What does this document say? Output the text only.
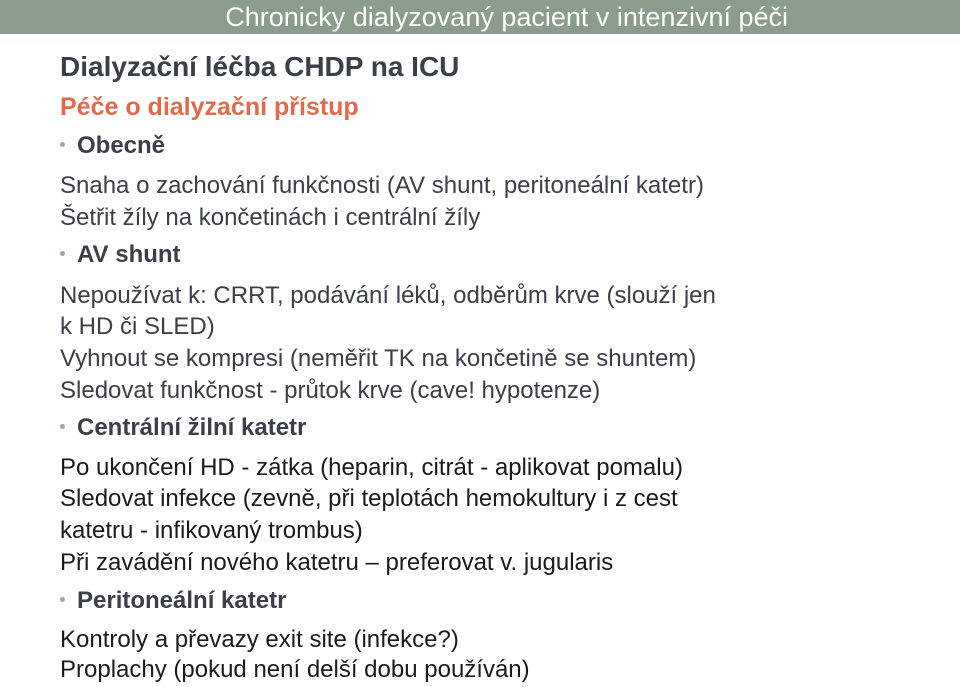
Chronicky dialyzovaný pacient v intenzivní péči
Dialyzační léčba CHDP na ICU
Péče o dialyzační přístup
Obecně
Snaha o zachování funkčnosti (AV shunt, peritoneální katetr)
Šetřit žíly na končetinách i centrální žíly
AV shunt
Nepoužívat k: CRRT, podávání léků, odběrům krve (slouží jen
k HD či SLED)
Vyhnout se kompresi (neměřit TK na končetině se shuntem)
Sledovat funkčnost - průtok krve (cave! hypotenze)
Centrální žilní katetr
Po ukončení HD - zátka (heparin, citrát - aplikovat pomalu)
Sledovat infekce (zevně, při teplotách hemokultury i z cest
katetru - infikovaný trombus)
Při zavádění nového katetru – preferovat v. jugularis
Peritoneální katetr
Kontroly a převazy exit site (infekce?)
Proplachy (pokud není delší dobu používán)
